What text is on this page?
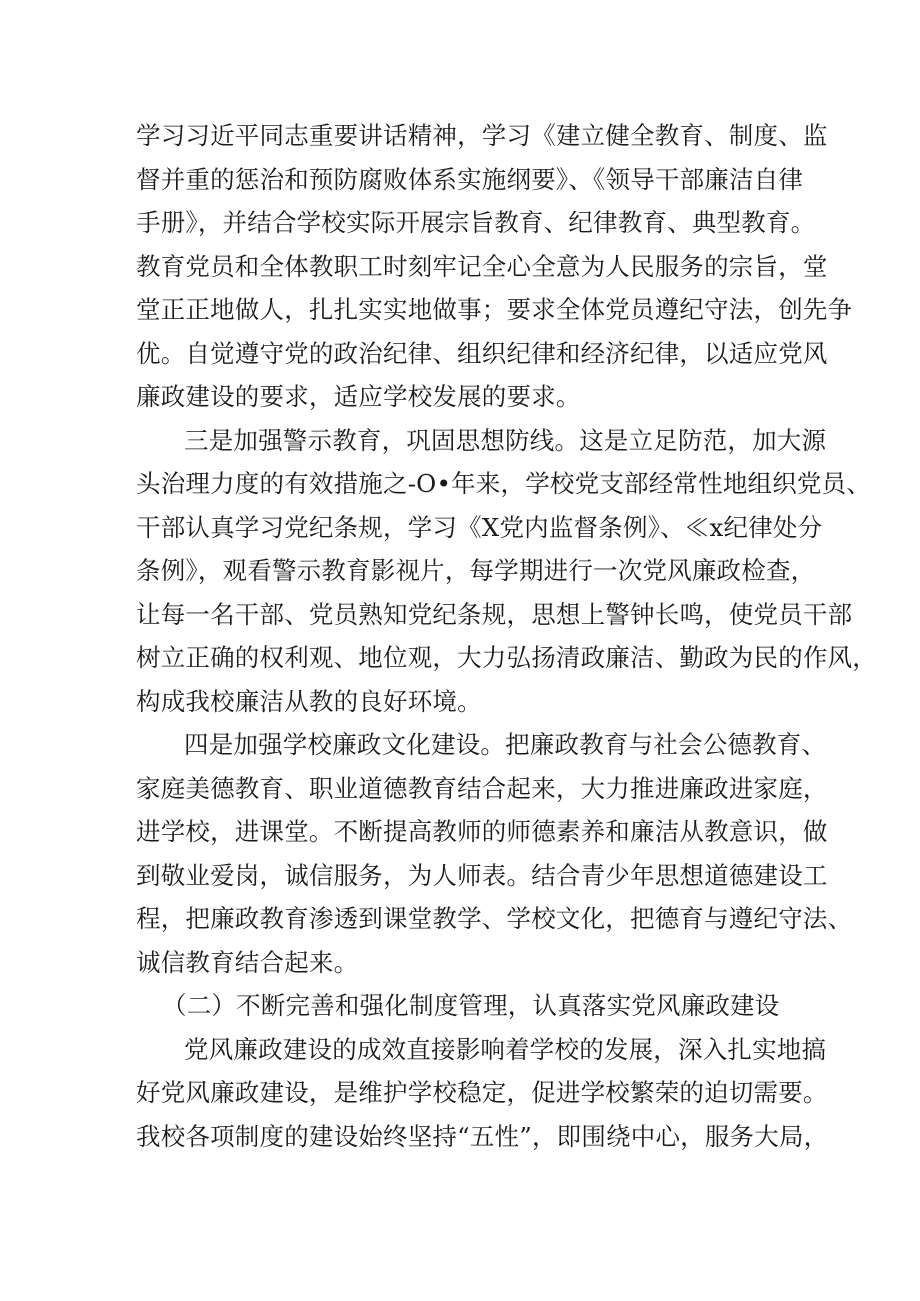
学习习近平同志重要讲话精神，学习《建立健全教育、制度、监
督并重的惩治和预防腐败体系实施纲要》、《领导干部廉洁自律
手册》，并结合学校实际开展宗旨教育、纪律教育、典型教育。
教育党员和全体教职工时刻牢记全心全意为人民服务的宗旨，堂
堂正正地做人，扎扎实实地做事；要求全体党员遵纪守法，创先争
优。自觉遵守党的政治纪律、组织纪律和经济纪律，以适应党风
廉政建设的要求，适应学校发展的要求。
三是加强警示教育，巩固思想防线。这是立足防范，加大源
头治理力度的有效措施之-O•年来，学校党支部经常性地组织党员、
干部认真学习党纪条规，学习《X党内监督条例》、≪x纪律处分
条例》，观看警示教育影视片，每学期进行一次党风廉政检查，
让每一名干部、党员熟知党纪条规，思想上警钟长鸣，使党员干部
树立正确的权利观、地位观，大力弘扬清政廉洁、勤政为民的作风，
构成我校廉洁从教的良好环境。
四是加强学校廉政文化建设。把廉政教育与社会公德教育、
家庭美德教育、职业道德教育结合起来，大力推进廉政进家庭，
进学校，进课堂。不断提高教师的师德素养和廉洁从教意识，做
到敬业爱岗，诚信服务，为人师表。结合青少年思想道德建设工
程，把廉政教育渗透到课堂教学、学校文化，把德育与遵纪守法、
诚信教育结合起来。
（二）不断完善和强化制度管理，认真落实党风廉政建设
党风廉政建设的成效直接影响着学校的发展，深入扎实地搞
好党风廉政建设，是维护学校稳定，促进学校繁荣的迫切需要。
我校各项制度的建设始终坚持“五性”，即围绕中心，服务大局，
